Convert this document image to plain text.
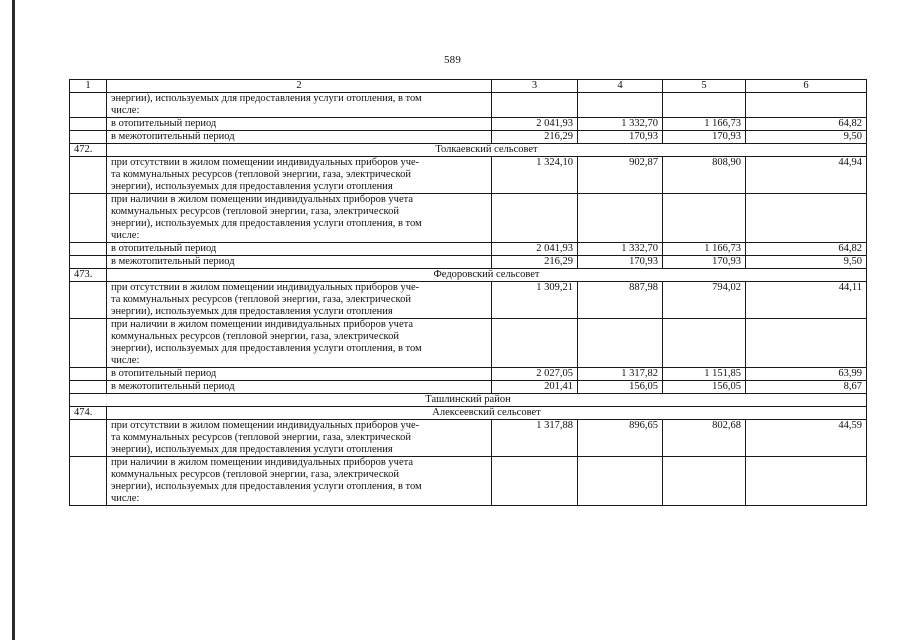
589
1	2	3	4	5	6

	энергии), используемых для предоставления услуги отопления, в том
числе:				

	в отопительный период	2 041,93	1 332,70	1 166,73	64,82

	в межотопительный период	216,29	170,93	170,93	9,50
472.	Толкаевский сельсовет				

	при отсутствии в жилом помещении индивидуальных приборов уче-
та коммунальных ресурсов (тепловой энергии, газа, электрической
энергии), используемых для предоставления услуги отопления	1 324,10	902,87	808,90	44,94

	при наличии в жилом помещении индивидуальных приборов учета
коммунальных ресурсов (тепловой энергии, газа, электрической
энергии), используемых для предоставления услуги отопления, в том
числе:				

	в отопительный период	2 041,93	1 332,70	1 166,73	64,82

	в межотопительный период	216,29	170,93	170,93	9,50
473.	Федоровский сельсовет				

	при отсутствии в жилом помещении индивидуальных приборов уче-
та коммунальных ресурсов (тепловой энергии, газа, электрической
энергии), используемых для предоставления услуги отопления	1 309,21	887,98	794,02	44,11

	при наличии в жилом помещении индивидуальных приборов учета
коммунальных ресурсов (тепловой энергии, газа, электрической
энергии), используемых для предоставления услуги отопления, в том
числе:				

	в отопительный период	2 027,05	1 317,82	1 151,85	63,99

	в межотопительный период	201,41	156,05	156,05	8,67
Ташлинский район					
474.	Алексеевский сельсовет				

	при отсутствии в жилом помещении индивидуальных приборов уче-
та коммунальных ресурсов (тепловой энергии, газа, электрической
энергии), используемых для предоставления услуги отопления	1 317,88	896,65	802,68	44,59

	при наличии в жилом помещении индивидуальных приборов учета
коммунальных ресурсов (тепловой энергии, газа, электрической
энергии), используемых для предоставления услуги отопления, в том
числе:				
